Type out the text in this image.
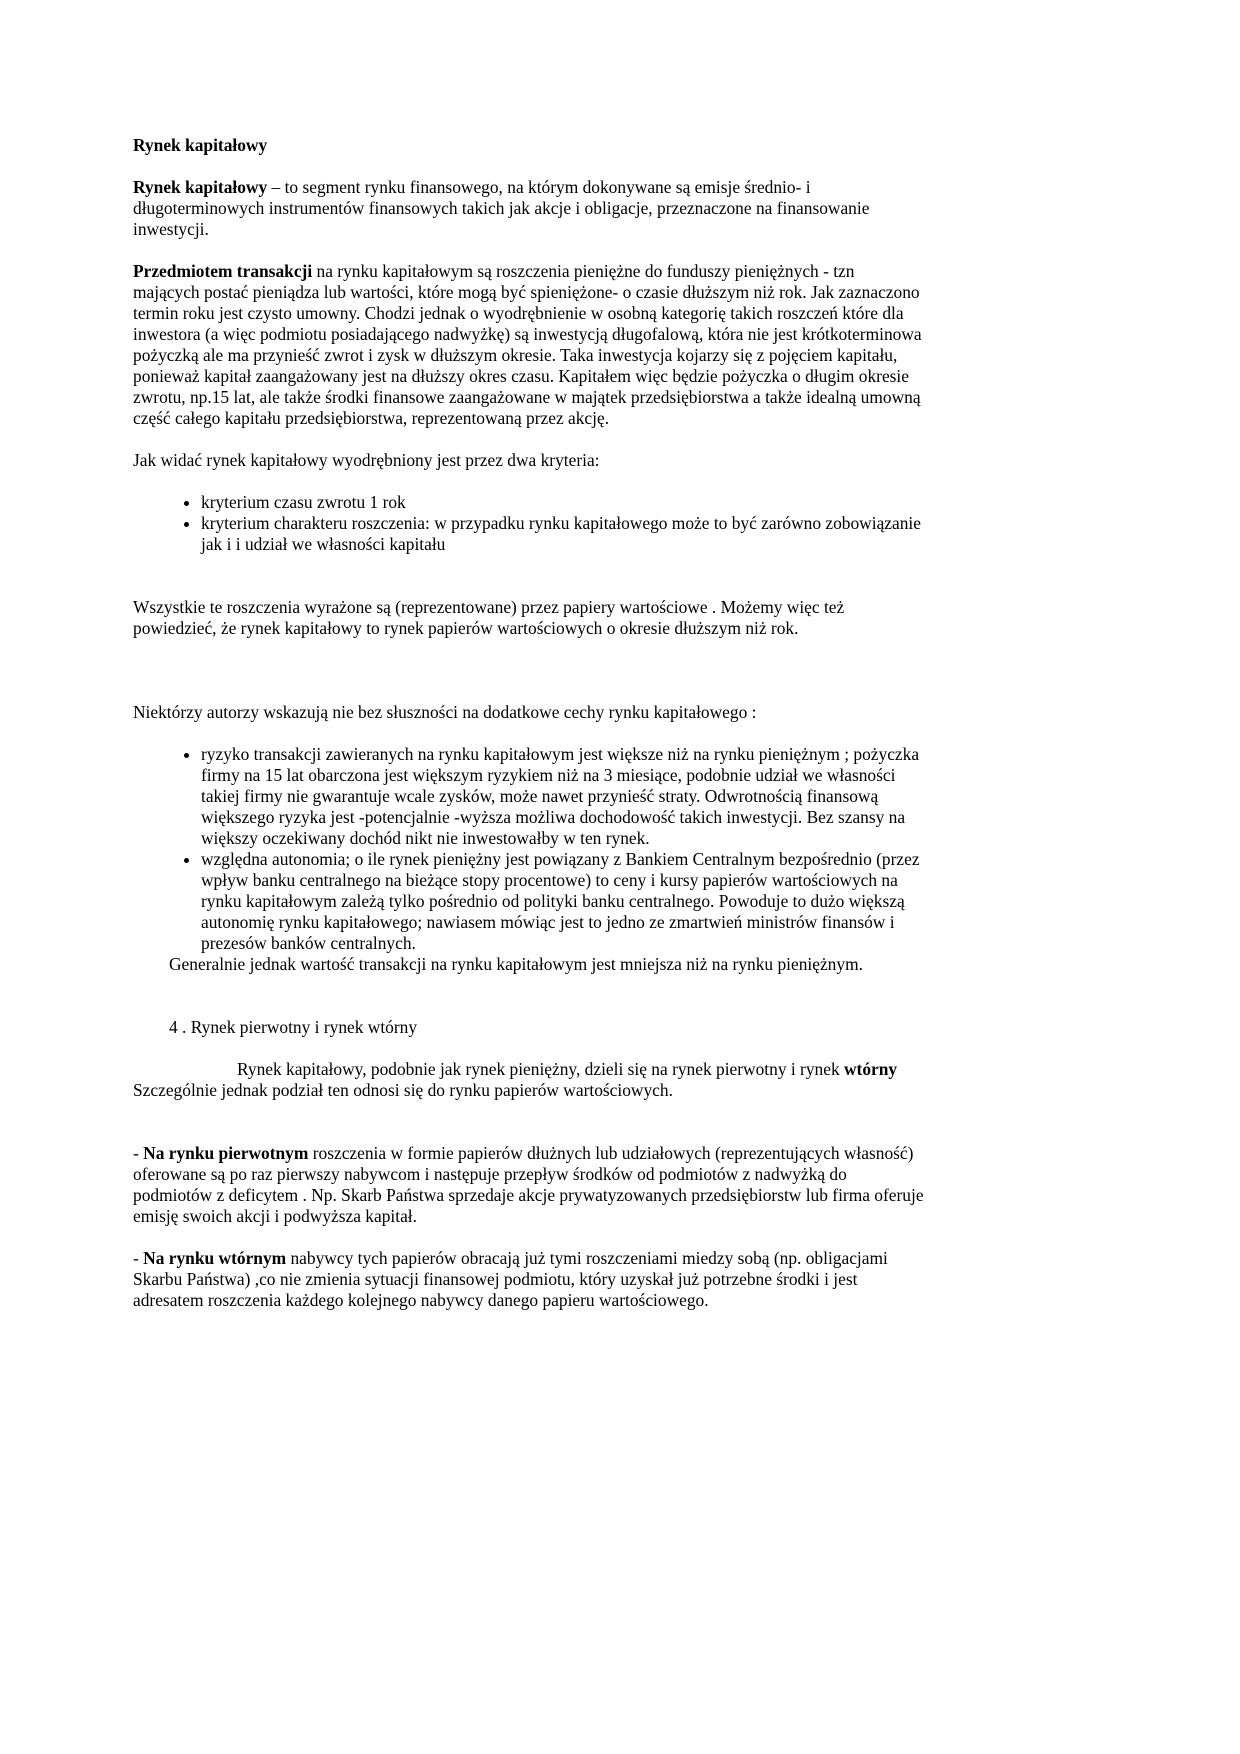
Rynek kapitałowy

Rynek kapitałowy – to segment rynku finansowego, na którym dokonywane są emisje średnio- i długoterminowych instrumentów finansowych takich jak akcje i obligacje, przeznaczone na finansowanie inwestycji.

Przedmiotem transakcji na rynku kapitałowym są roszczenia pieniężne do funduszy pieniężnych - tzn mających postać pieniądza lub wartości, które mogą być spieniężone- o czasie dłuższym niż rok. Jak zaznaczono termin roku jest czysto umowny. Chodzi jednak o wyodrębnienie w osobną kategorię takich roszczeń które dla inwestora (a więc podmiotu posiadającego nadwyżkę) są inwestycją długofalową, która nie jest krótkoterminowa pożyczką ale ma przynieść zwrot i zysk w dłuższym okresie. Taka inwestycja kojarzy się z pojęciem kapitału, ponieważ kapitał zaangażowany jest na dłuższy okres czasu. Kapitałem więc będzie pożyczka o długim okresie zwrotu, np.15 lat, ale także środki finansowe zaangażowane w majątek przedsiębiorstwa a także idealną umowną część całego kapitału przedsiębiorstwa, reprezentowaną przez akcję.

Jak widać rynek kapitałowy wyodrębniony jest przez dwa kryteria:

• kryterium czasu zwrotu 1 rok
• kryterium charakteru roszczenia: w przypadku rynku kapitałowego może to być zarówno zobowiązanie jak i i udział we własności kapitału

Wszystkie te roszczenia wyrażone są (reprezentowane) przez papiery wartościowe . Możemy więc też powiedzieć, że rynek kapitałowy to rynek papierów wartościowych o okresie dłuższym niż rok.

Niektórzy autorzy wskazują nie bez słuszności na dodatkowe cechy rynku kapitałowego :

• ryzyko transakcji zawieranych na rynku kapitałowym jest większe niż na rynku pieniężnym ; pożyczka firmy na 15 lat obarczona jest większym ryzykiem niż na 3 miesiące, podobnie udział we własności takiej firmy nie gwarantuje wcale zysków, może nawet przynieść straty. Odwrotnością finansową większego ryzyka jest -potencjalnie -wyższa możliwa dochodowość takich inwestycji. Bez szansy na większy oczekiwany dochód nikt nie inwestowałby w ten rynek.
• względna autonomia; o ile rynek pieniężny jest powiązany z Bankiem Centralnym bezpośrednio (przez wpływ banku centralnego na bieżące stopy procentowe) to ceny i kursy papierów wartościowych na rynku kapitałowym zależą tylko pośrednio od polityki banku centralnego. Powoduje to dużo większą autonomię rynku kapitałowego; nawiasem mówiąc jest to jedno ze zmartwień ministrów finansów i prezesów banków centralnych.

Generalnie jednak wartość transakcji na rynku kapitałowym jest mniejsza niż na rynku pieniężnym.

4 . Rynek pierwotny i rynek wtórny

Rynek kapitałowy, podobnie jak rynek pieniężny, dzieli się na rynek pierwotny i rynek wtórny Szczególnie jednak podział ten odnosi się do rynku papierów wartościowych.

- Na rynku pierwotnym roszczenia w formie papierów dłużnych lub udziałowych (reprezentujących własność) oferowane są po raz pierwszy nabywcom i następuje przepływ środków od podmiotów z nadwyżką do podmiotów z deficytem . Np. Skarb Państwa sprzedaje akcje prywatyzowanych przedsiębiorstw lub firma oferuje emisję swoich akcji i podwyższa kapitał.

- Na rynku wtórnym nabywcy tych papierów obracają już tymi roszczeniami miedzy sobą (np. obligacjami Skarbu Państwa) ,co nie zmienia sytuacji finansowej podmiotu, który uzyskał już potrzebne środki i jest adresatem roszczenia każdego kolejnego nabywcy danego papieru wartościowego.
